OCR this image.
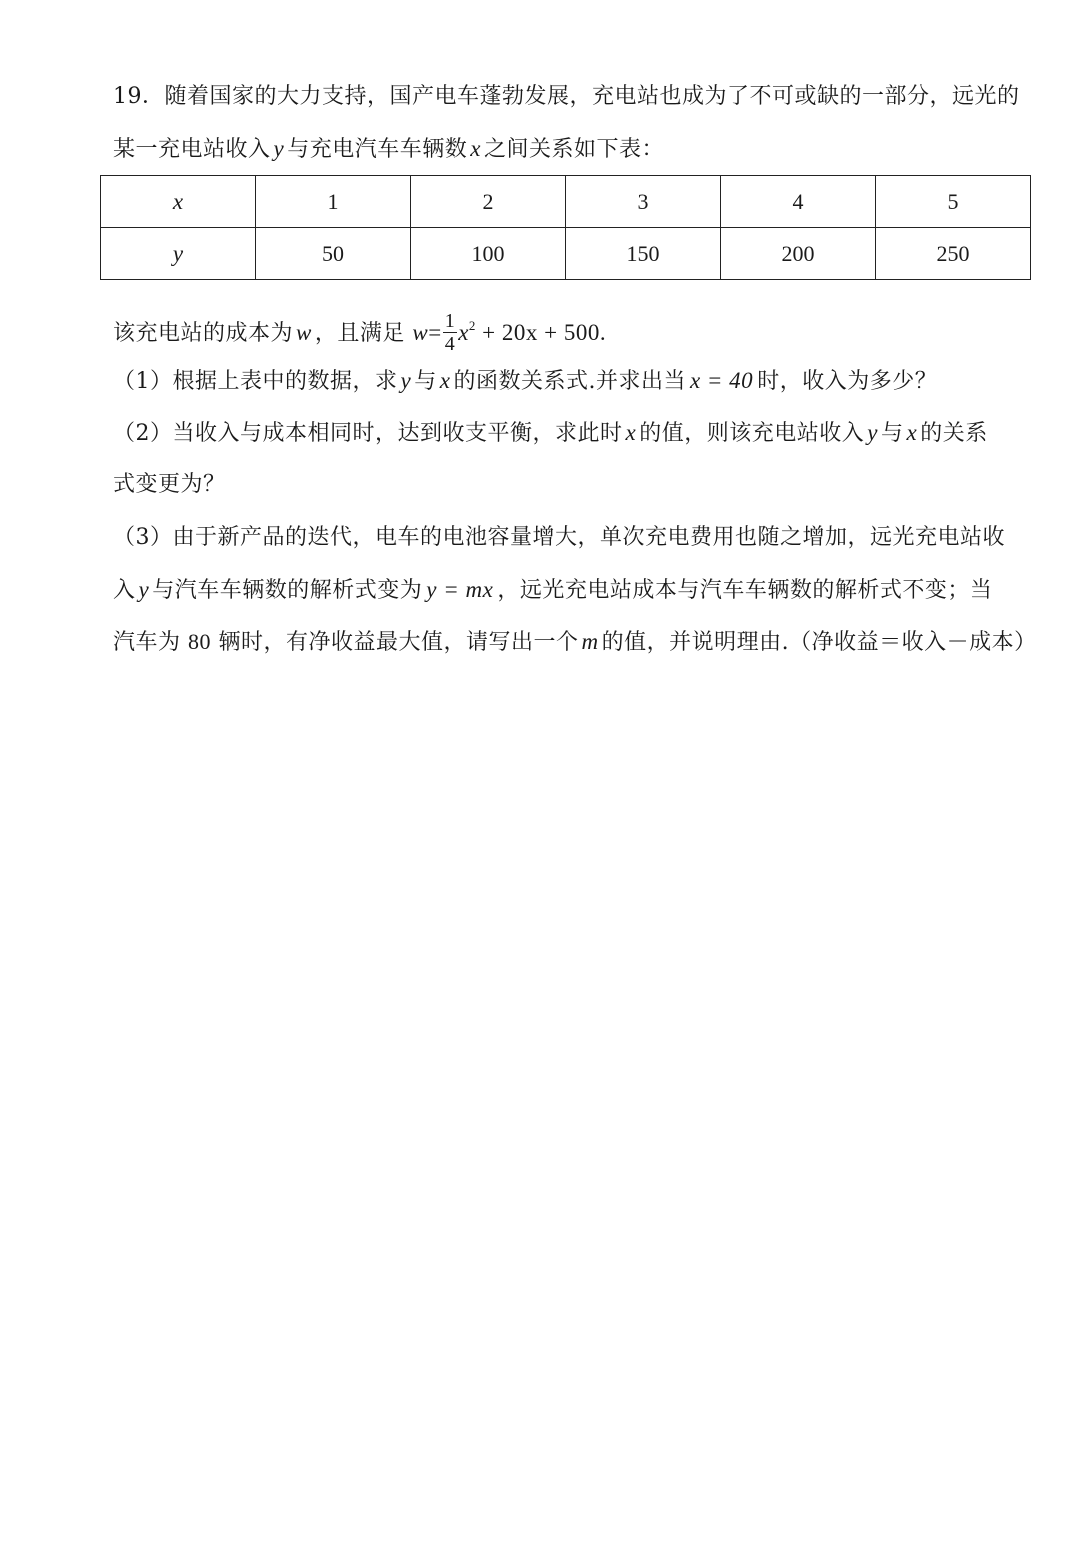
19．随着国家的大力支持，国产电车蓬勃发展，充电站也成为了不可或缺的一部分，远光的
某一充电站收入 y 与充电汽车车辆数 x 之间关系如下表：
x	1	2	3	4	5
y	50	100	150	200	250
该充电站的成本为 w ，且满足 $w= \frac{1}{4} x^2 + 20x + 500$.
（1）根据上表中的数据，求 y 与 x 的函数关系式.并求出当 x = 40 时，收入为多少？
（2）当收入与成本相同时，达到收支平衡，求此时 x 的值，则该充电站收入 y 与 x 的关系
式变更为？
（3）由于新产品的迭代，电车的电池容量增大，单次充电费用也随之增加，远光充电站收
入 y 与汽车车辆数的解析式变为 y = mx ，远光充电站成本与汽车车辆数的解析式不变；当
汽车为 80 辆时，有净收益最大值，请写出一个 m 的值，并说明理由.（净收益＝收入－成本）
